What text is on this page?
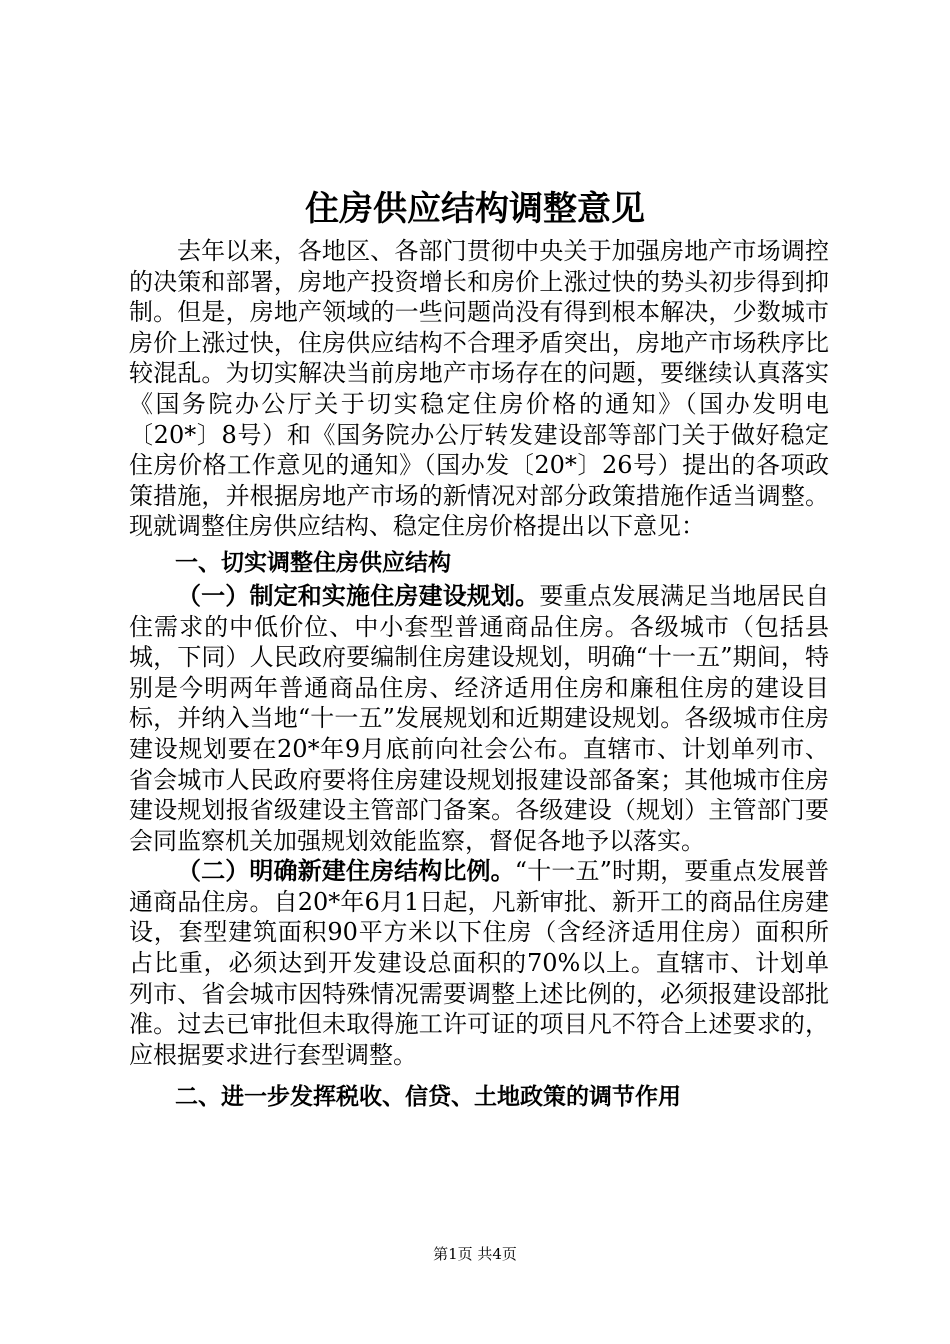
住房供应结构调整意见

去年以来，各地区、各部门贯彻中央关于加强房地产市场调控的决策和部署，房地产投资增长和房价上涨过快的势头初步得到抑制。但是，房地产领域的一些问题尚没有得到根本解决，少数城市房价上涨过快，住房供应结构不合理矛盾突出，房地产市场秩序比较混乱。为切实解决当前房地产市场存在的问题，要继续认真落实《国务院办公厅关于切实稳定住房价格的通知》（国办发明电〔20*〕8号）和《国务院办公厅转发建设部等部门关于做好稳定住房价格工作意见的通知》（国办发〔20*〕26号）提出的各项政策措施，并根据房地产市场的新情况对部分政策措施作适当调整。现就调整住房供应结构、稳定住房价格提出以下意见：

一、切实调整住房供应结构

（一）制定和实施住房建设规划。要重点发展满足当地居民自住需求的中低价位、中小套型普通商品住房。各级城市（包括县城，下同）人民政府要编制住房建设规划，明确“十一五”期间，特别是今明两年普通商品住房、经济适用住房和廉租住房的建设目标，并纳入当地“十一五”发展规划和近期建设规划。各级城市住房建设规划要在20*年9月底前向社会公布。直辖市、计划单列市、省会城市人民政府要将住房建设规划报建设部备案；其他城市住房建设规划报省级建设主管部门备案。各级建设（规划）主管部门要会同监察机关加强规划效能监察，督促各地予以落实。

（二）明确新建住房结构比例。“十一五”时期，要重点发展普通商品住房。自20*年6月1日起，凡新审批、新开工的商品住房建设，套型建筑面积90平方米以下住房（含经济适用住房）面积所占比重，必须达到开发建设总面积的70%以上。直辖市、计划单列市、省会城市因特殊情况需要调整上述比例的，必须报建设部批准。过去已审批但未取得施工许可证的项目凡不符合上述要求的，应根据要求进行套型调整。

二、进一步发挥税收、信贷、土地政策的调节作用

第1页 共4页
